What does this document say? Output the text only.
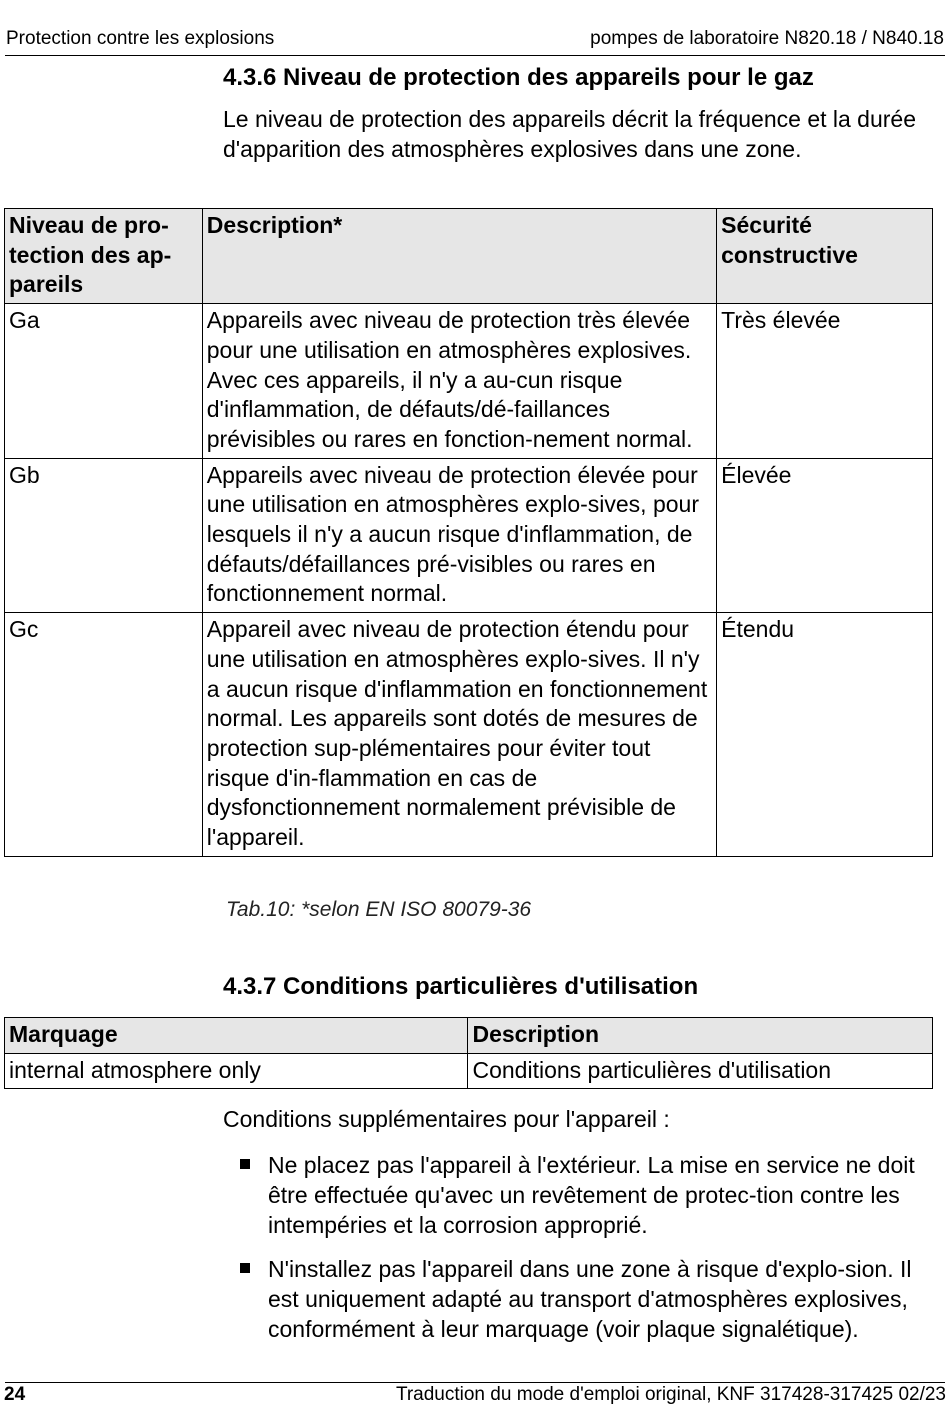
Protection contre les explosions	pompes de laboratoire N820.18 / N840.18
4.3.6 Niveau de protection des appareils pour le gaz

Le niveau de protection des appareils décrit la fréquence et la durée d'apparition des atmosphères explosives dans une zone.

Niveau de pro-tection des ap-pareils	Description*	Sécurité constructive
Ga	Appareils avec niveau de protection très élevée pour une utilisation en atmosphères explosives. Avec ces appareils, il n'y a au-cun risque d'inflammation, de défauts/dé-faillances prévisibles ou rares en fonction-nement normal.	Très élevée
Gb	Appareils avec niveau de protection élevée pour une utilisation en atmosphères explo-sives, pour lesquels il n'y a aucun risque d'inflammation, de défauts/défaillances pré-visibles ou rares en fonctionnement normal.	Élevée
Gc	Appareil avec niveau de protection étendu pour une utilisation en atmosphères explo-sives. Il n'y a aucun risque d'inflammation en fonctionnement normal. Les appareils sont dotés de mesures de protection sup-plémentaires pour éviter tout risque d'in-flammation en cas de dysfonctionnement normalement prévisible de l'appareil.	Étendu
Tab.10: *selon EN ISO 80079-36
4.3.7 Conditions particulières d'utilisation
Marquage	Description
internal atmosphere only	Conditions particulières d'utilisation

Conditions supplémentaires pour l'appareil :

Ne placez pas l'appareil à l'extérieur. La mise en service ne doit être effectuée qu'avec un revêtement de protec-tion contre les intempéries et la corrosion approprié.
N'installez pas l'appareil dans une zone à risque d'explo-sion. Il est uniquement adapté au transport d'atmosphères explosives, conformément à leur marquage (voir plaque signalétique).
24	Traduction du mode d'emploi original, KNF 317428-317425 02/23
